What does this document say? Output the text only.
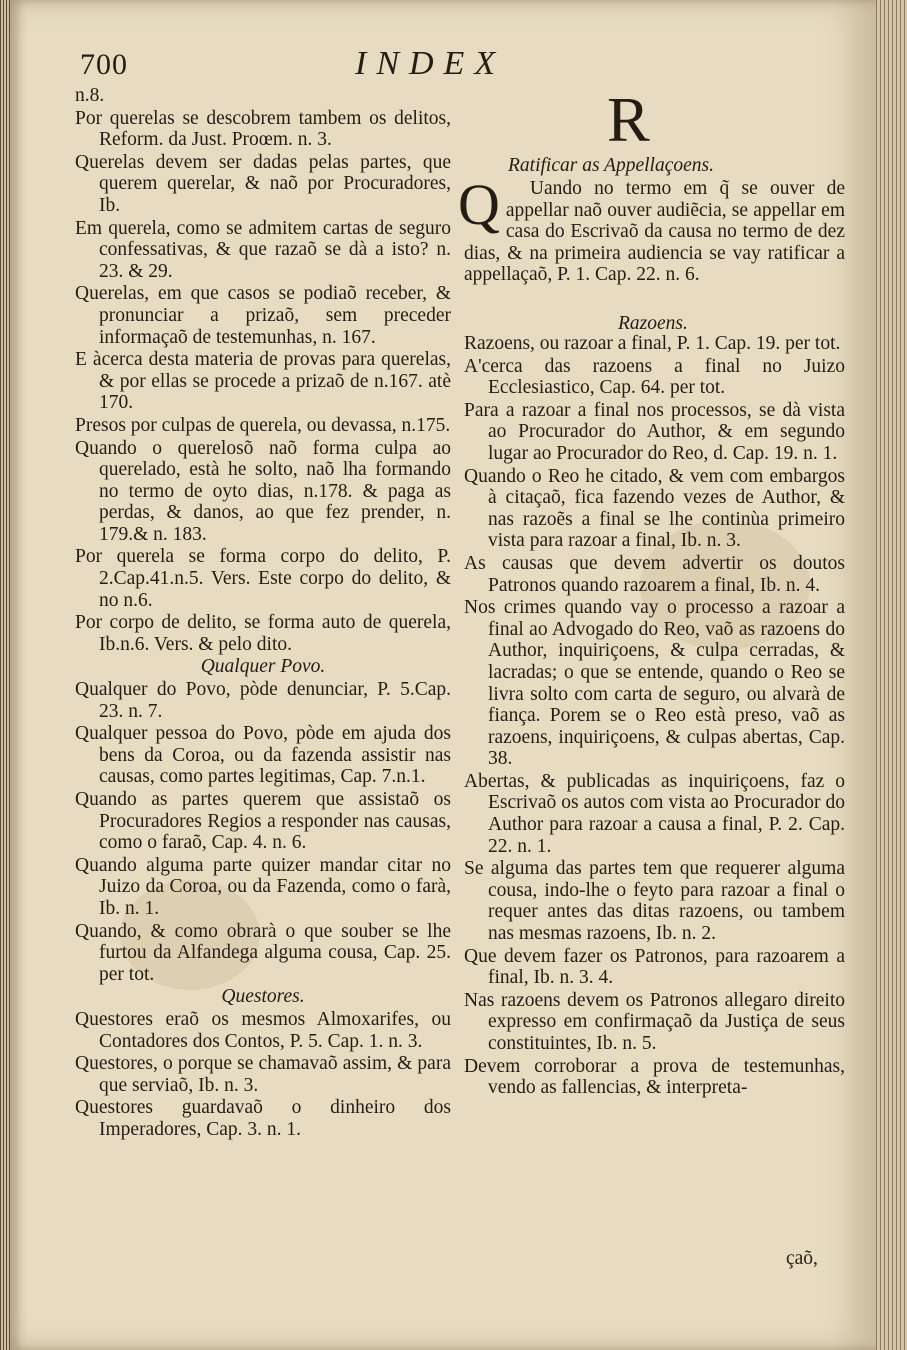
700	INDEX

n.8.

Por querelas se descobrem tambem os delitos, Reform. da Just. Proœm. n. 3.

Querelas devem ser dadas pelas partes, que querem querelar, & naõ por Procuradores, Ib.

Em querela, como se admitem cartas de seguro confessativas, & que razaõ se dà a isto? n. 23. & 29.

Querelas, em que casos se podiaõ receber, & pronunciar a prizaõ, sem preceder informaçaõ de testemunhas, n. 167.

E àcerca desta materia de provas para querelas, & por ellas se procede a prizaõ de n.167. atè 170.

Presos por culpas de querela, ou devassa, n.175.

Quando o querelosõ naõ forma culpa ao querelado, està he solto, naõ lha formando no termo de oyto dias, n.178. & paga as perdas, & danos, ao que fez prender, n. 179.& n. 183.

Por querela se forma corpo do delito, P. 2.Cap.41.n.5. Vers. Este corpo do delito, & no n.6.

Por corpo de delito, se forma auto de querela, Ib.n.6. Vers. & pelo dito.

Qualquer Povo.

Qualquer do Povo, pòde denunciar, P. 5.Cap. 23. n. 7.

Qualquer pessoa do Povo, pòde em ajuda dos bens da Coroa, ou da fazenda assistir nas causas, como partes legitimas, Cap. 7.n.1.

Quando as partes querem que assistaõ os Procuradores Regios a responder nas causas, como o faraõ, Cap. 4. n. 6.

Quando alguma parte quizer mandar citar no Juizo da Coroa, ou da Fazenda, como o farà, Ib. n. 1.

Quando, & como obrarà o que souber se lhe furtou da Alfandega alguma cousa, Cap. 25. per tot.

Questores.

Questores eraõ os mesmos Almoxarifes, ou Contadores dos Contos, P. 5. Cap. 1. n. 3.

Questores, o porque se chamavaõ assim, & para que serviaõ, Ib. n. 3.

Questores guardavaõ o dinheiro dos Imperadores, Cap. 3. n. 1.

R
Ratificar as Appellaçoens.
Q Uando no termo em q̃ se ouver de appellar naõ ouver audiẽcia, se appellar em casa do Escrivaõ da causa no termo de dez dias, & na primeira audiencia se vay ratificar a appellaçaõ, P. 1. Cap. 22. n. 6.
Razoens.

Razoens, ou razoar a final, P. 1. Cap. 19. per tot.

A'cerca das razoens a final no Juizo Ecclesiastico, Cap. 64. per tot.

Para a razoar a final nos processos, se dà vista ao Procurador do Author, & em segundo lugar ao Procurador do Reo, d. Cap. 19. n. 1.

Quando o Reo he citado, & vem com embargos à citaçaõ, fica fazendo vezes de Author, & nas razoẽs a final se lhe continùa primeiro vista para razoar a final, Ib. n. 3.

As causas que devem advertir os doutos Patronos quando razoarem a final, Ib. n. 4.

Nos crimes quando vay o processo a razoar a final ao Advogado do Reo, vaõ as razoens do Author, inquiriçoens, & culpa cerradas, & lacradas; o que se entende, quando o Reo se livra solto com carta de seguro, ou alvarà de fiança. Porem se o Reo està preso, vaõ as razoens, inquiriçoens, & culpas abertas, Cap. 38.

Abertas, & publicadas as inquiriçoens, faz o Escrivaõ os autos com vista ao Procurador do Author para razoar a causa a final, P. 2. Cap. 22. n. 1.

Se alguma das partes tem que requerer alguma cousa, indo-lhe o feyto para razoar a final o requer antes das ditas razoens, ou tambem nas mesmas razoens, Ib. n. 2.

Que devem fazer os Patronos, para razoarem a final, Ib. n. 3. 4.

Nas razoens devem os Patronos allegaro direito expresso em confirmaçaõ da Justiça de seus constituintes, Ib. n. 5.

Devem corroborar a prova de testemunhas, vendo as fallencias, & interpreta-

çaõ,
